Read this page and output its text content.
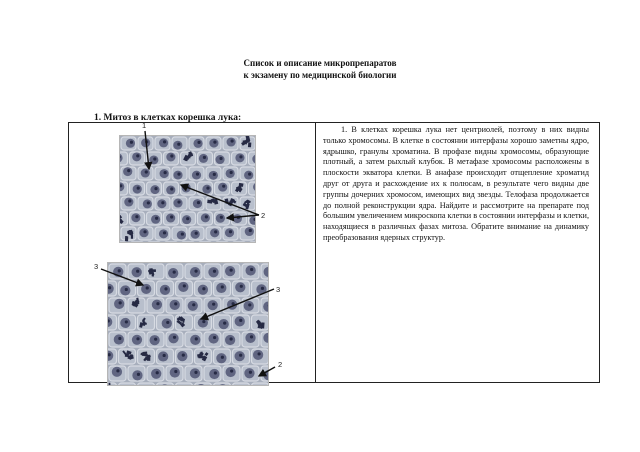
Список и описание микропрепаратов
к экзамену по медицинской биологии
1. Митоз в клетках корешка лука:
1
2
3
3
2
1. В клетках корешка лука нет центриолей, поэтому в них видны только хромосомы. В клетке в состоянии интерфазы хорошо заметны ядро, ядрышко, гранулы хроматина. В профазе видны хромосомы, образующие плотный, а затем рыхлый клубок. В метафазе хромосомы расположены в плоскости экватора клетки. В анафазе происходит отщепление хроматид друг от друга и расхождение их к полюсам, в результате чего видны две группы дочерних хромосом, имеющих вид звезды. Телофаза продолжается до полной реконструкции ядра. Найдите и рассмотрите на препарате под большим увеличением микроскопа клетки в состоянии интерфазы и клетки, находящиеся в различных фазах митоза. Обратите внимание на динамику преобразования ядерных структур.
